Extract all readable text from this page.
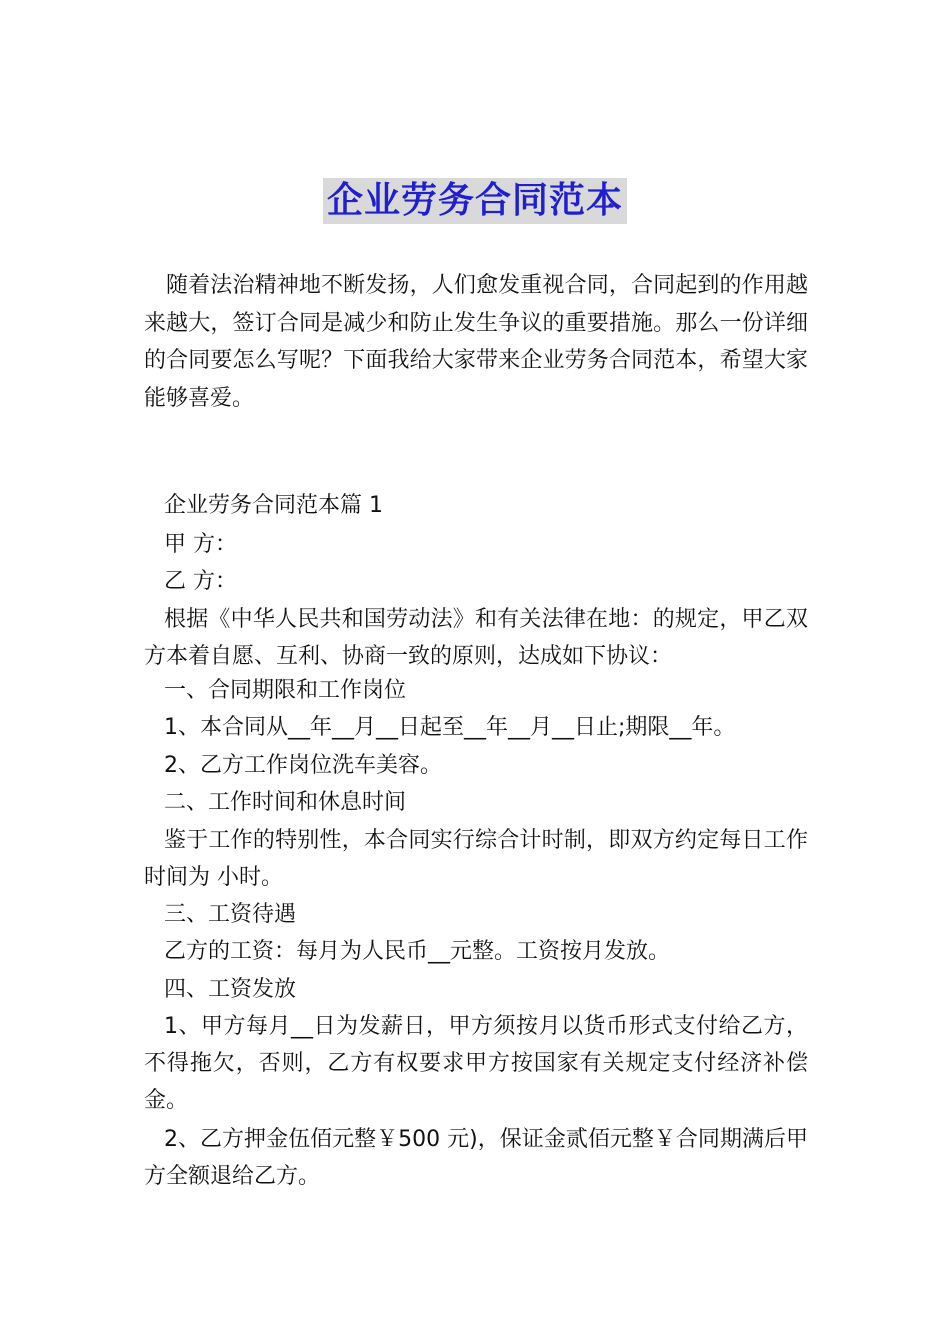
企业劳务合同范本

随着法治精神地不断发扬，人们愈发重视合同，合同起到的作用越来越大，签订合同是减少和防止发生争议的重要措施。那么一份详细的合同要怎么写呢？下面我给大家带来企业劳务合同范本，希望大家能够喜爱。

企业劳务合同范本篇 1

甲 方：

乙 方：

根据《中华人民共和国劳动法》和有关法律在地：的规定，甲乙双方本着自愿、互利、协商一致的原则，达成如下协议：

一、合同期限和工作岗位

1、本合同从__年__月__日起至__年__月__日止;期限__年。

2、乙方工作岗位洗车美容。

二、工作时间和休息时间

鉴于工作的特别性，本合同实行综合计时制，即双方约定每日工作时间为 小时。

三、工资待遇

乙方的工资：每月为人民币__元整。工资按月发放。

四、工资发放

1、甲方每月__日为发薪日，甲方须按月以货币形式支付给乙方，不得拖欠，否则，乙方有权要求甲方按国家有关规定支付经济补偿金。

2、乙方押金伍佰元整￥500 元)，保证金贰佰元整￥合同期满后甲方全额退给乙方。
